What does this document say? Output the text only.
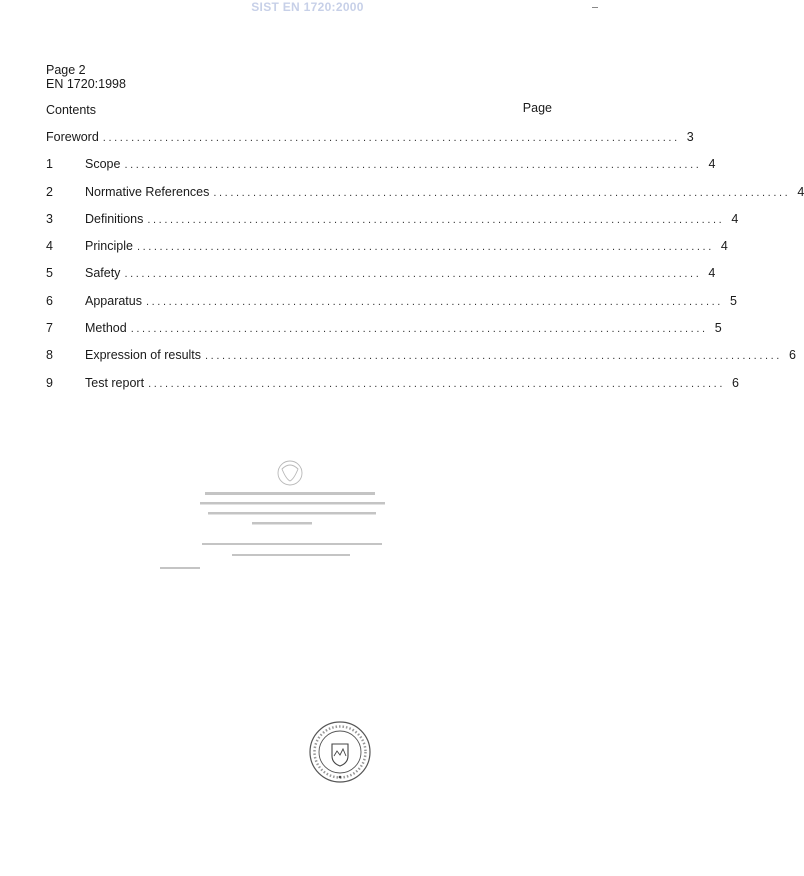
SIST EN 1720:2000
Page 2
EN 1720:1998
Contents	Page
Foreword ...................................................................................................... 3
1	Scope ...................................................................................................... 4
2	Normative References ...................................................................................................... 4
3	Definitions ...................................................................................................... 4
4	Principle ...................................................................................................... 4
5	Safety ...................................................................................................... 4
6	Apparatus ...................................................................................................... 5
7	Method ...................................................................................................... 5
8	Expression of results ...................................................................................................... 6
9	Test report ...................................................................................................... 6
